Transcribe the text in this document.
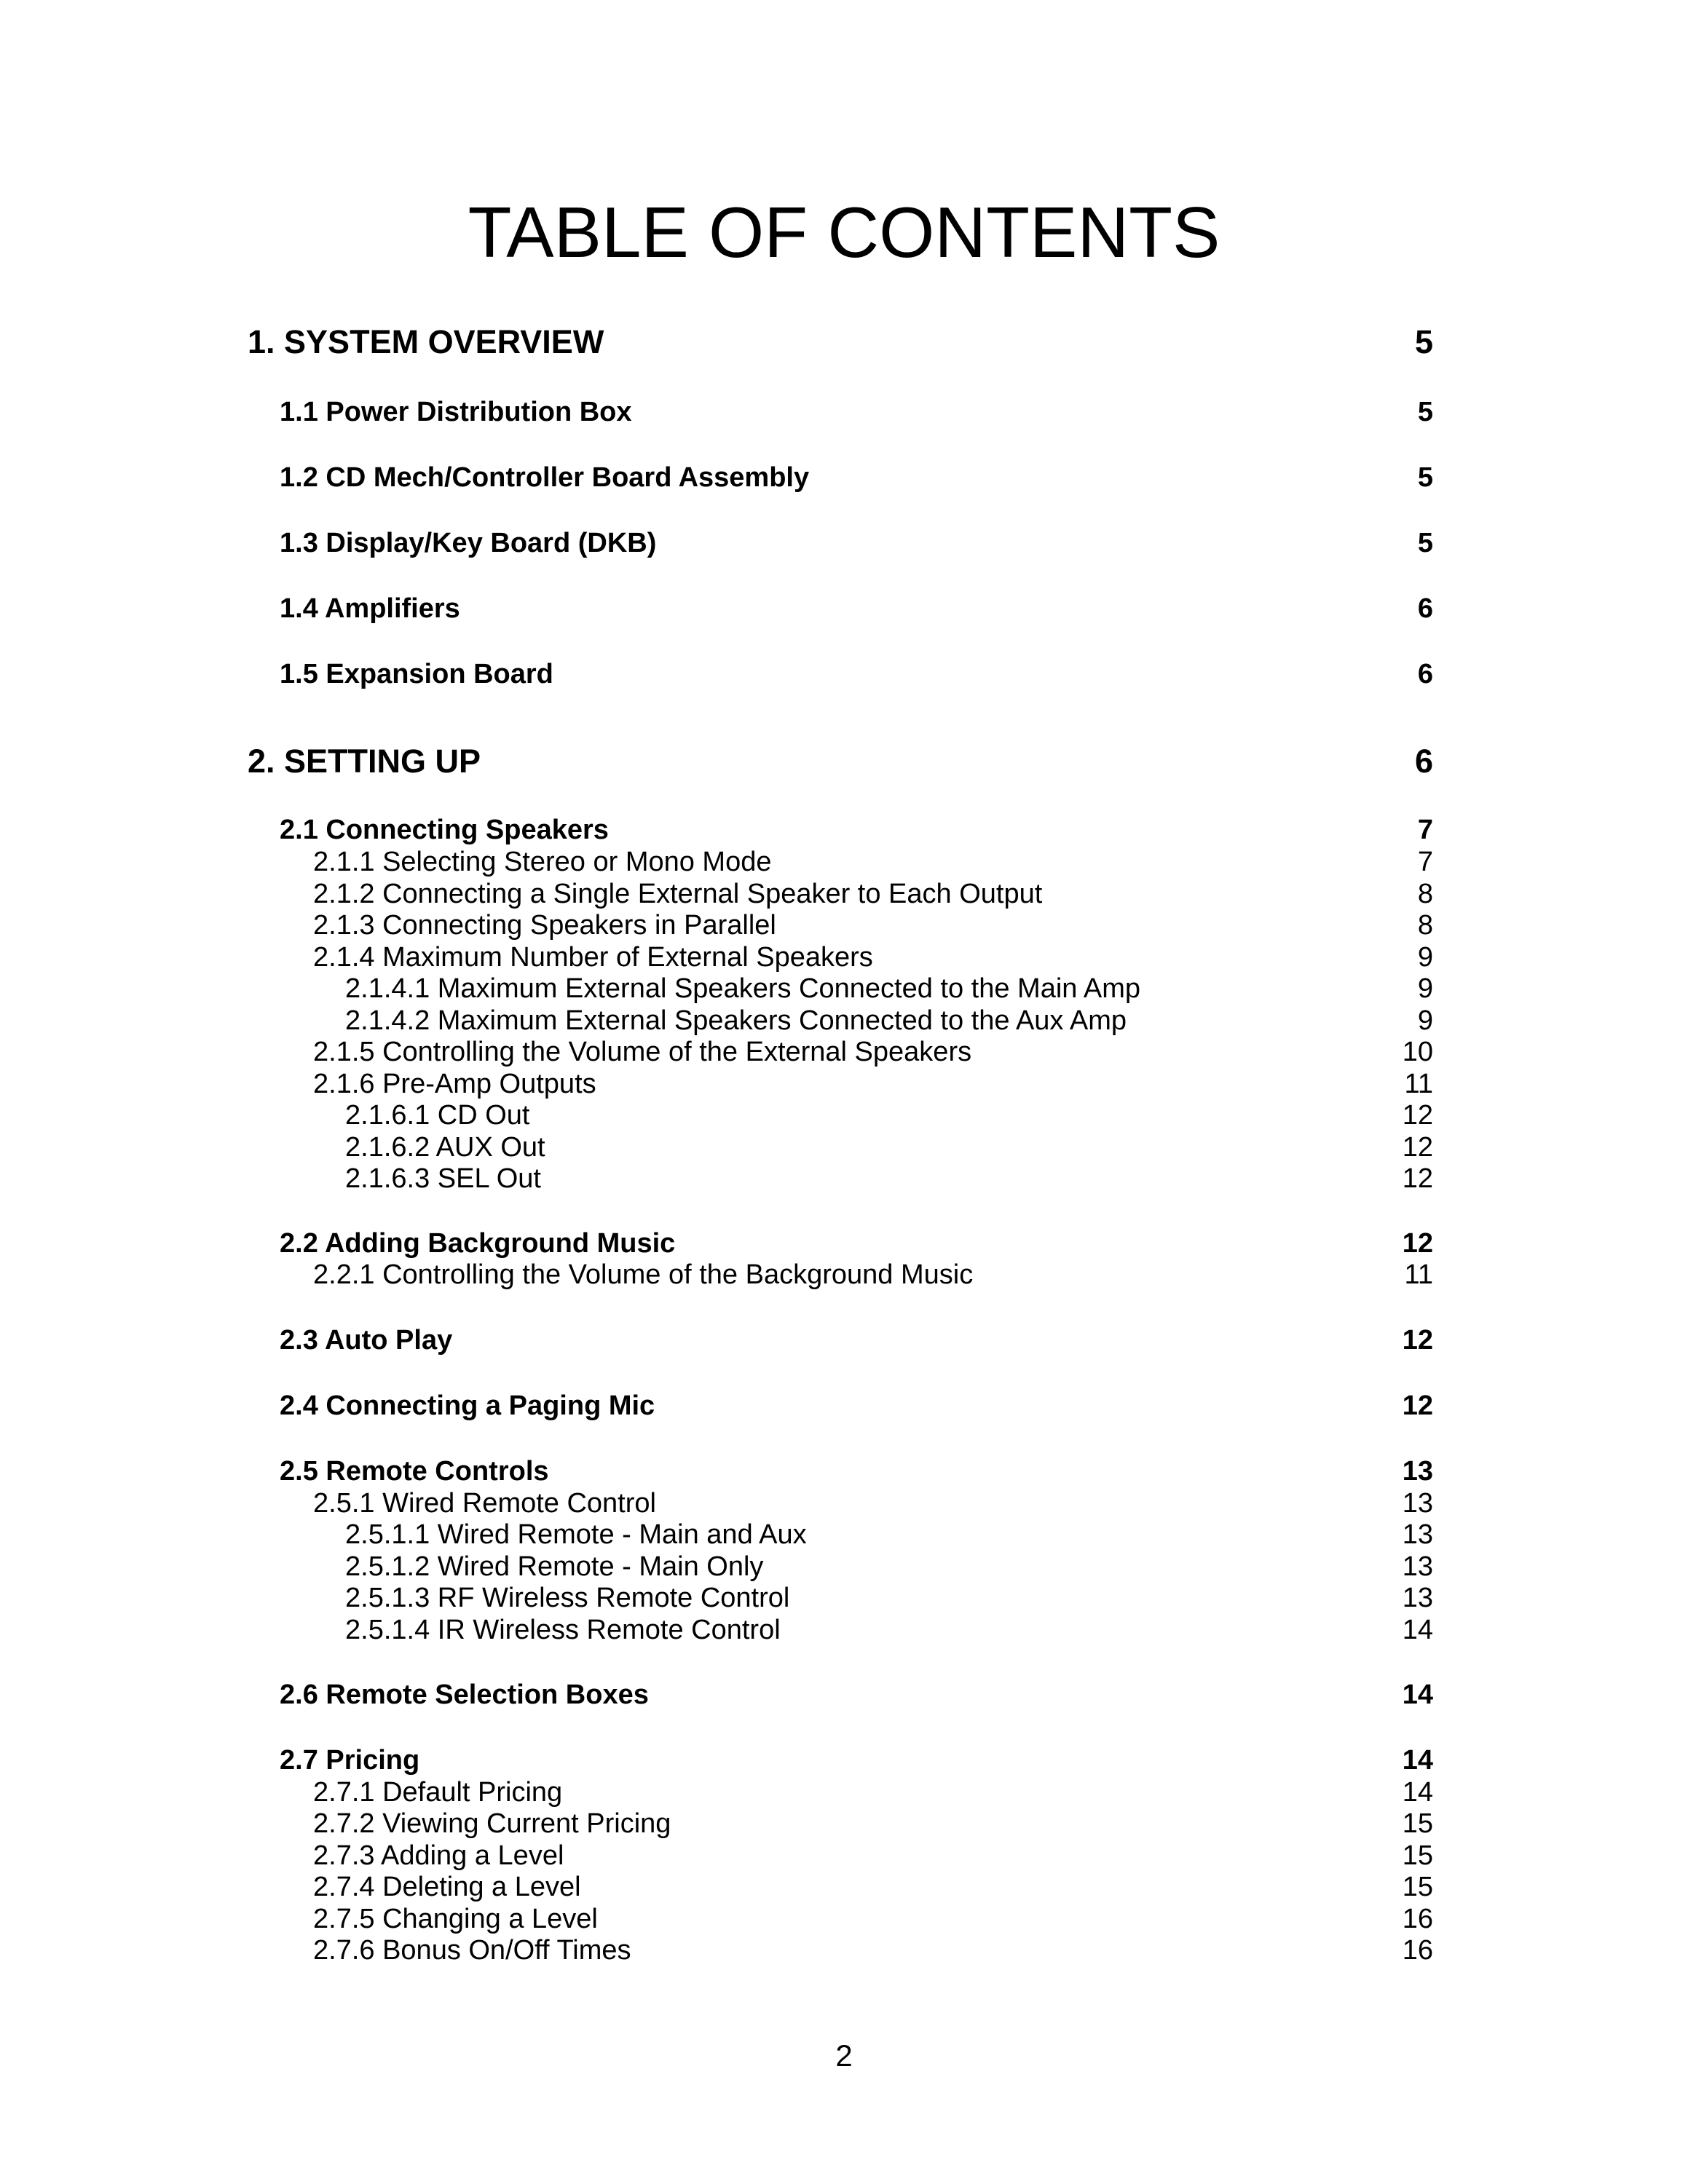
TABLE OF CONTENTS
1. SYSTEM OVERVIEW	5
1.1 Power Distribution Box	5
1.2 CD Mech/Controller Board Assembly	5
1.3 Display/Key Board (DKB)	5
1.4 Amplifiers	6
1.5 Expansion Board	6
2. SETTING UP	6
2.1 Connecting Speakers	7
2.1.1 Selecting Stereo or Mono Mode	7
2.1.2 Connecting a Single External Speaker to Each Output	8
2.1.3 Connecting Speakers in Parallel	8
2.1.4 Maximum Number of External Speakers	9
2.1.4.1 Maximum External Speakers Connected to the Main Amp	9
2.1.4.2 Maximum External Speakers Connected to the Aux Amp	9
2.1.5 Controlling the Volume of the External Speakers	10
2.1.6 Pre-Amp Outputs	11
2.1.6.1 CD Out	12
2.1.6.2 AUX Out	12
2.1.6.3 SEL Out	12
2.2 Adding Background Music	12
2.2.1 Controlling the Volume of the Background Music	11
2.3 Auto Play	12
2.4 Connecting a Paging Mic	12
2.5 Remote Controls	13
2.5.1 Wired Remote Control	13
2.5.1.1 Wired Remote - Main and Aux	13
2.5.1.2 Wired Remote - Main Only	13
2.5.1.3 RF Wireless Remote Control	13
2.5.1.4 IR Wireless Remote Control	14
2.6 Remote Selection Boxes	14
2.7 Pricing	14
2.7.1 Default Pricing	14
2.7.2 Viewing Current Pricing	15
2.7.3 Adding a Level	15
2.7.4 Deleting a Level	15
2.7.5 Changing a Level	16
2.7.6 Bonus On/Off Times	16
2
